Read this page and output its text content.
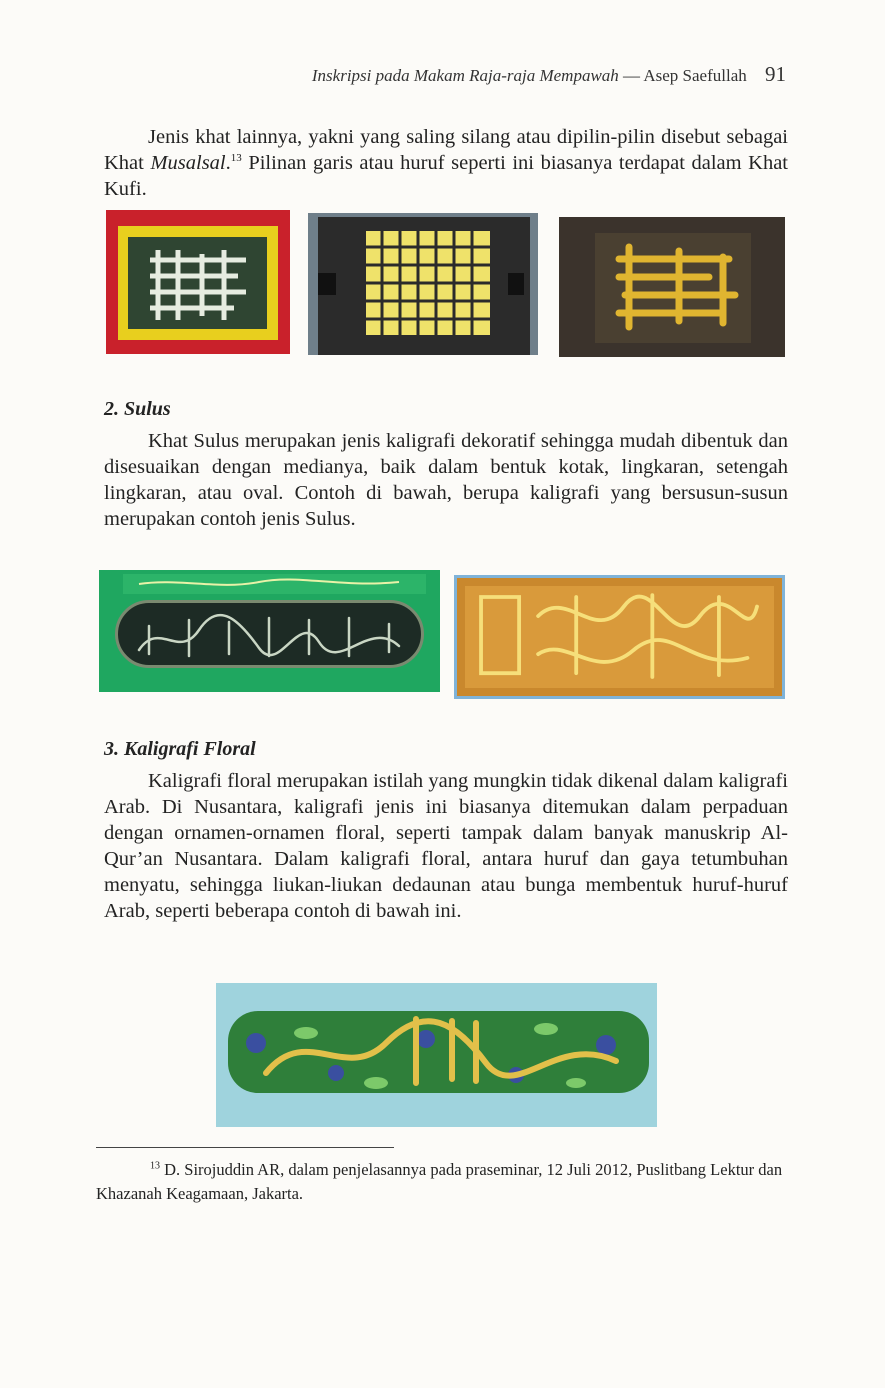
Inskripsi pada Makam Raja-raja Mempawah — Asep Saefullah 91

Jenis khat lainnya, yakni yang saling silang atau dipilin-pilin disebut sebagai Khat Musalsal.$^{13}$ Pilinan garis atau huruf seperti ini biasanya terdapat dalam Khat Kufi.

2. Sulus

Khat Sulus merupakan jenis kaligrafi dekoratif sehingga mudah dibentuk dan disesuaikan dengan medianya, baik dalam bentuk kotak, lingkaran, setengah lingkaran, atau oval. Contoh di bawah, berupa kaligrafi yang bersusun-susun merupakan contoh jenis Sulus.

3. Kaligrafi Floral

Kaligrafi floral merupakan istilah yang mungkin tidak dikenal dalam kaligrafi Arab. Di Nusantara, kaligrafi jenis ini biasanya ditemukan dalam perpaduan dengan ornamen-ornamen floral, seperti tampak dalam banyak manuskrip Al-Qur’an Nusantara. Dalam kaligrafi floral, antara huruf dan gaya tetumbuhan menyatu, sehingga liukan-liukan dedaunan atau bunga membentuk huruf-huruf Arab, seperti beberapa contoh di bawah ini.

$^{13}$ D. Sirojuddin AR, dalam penjelasannya pada praseminar, 12 Juli 2012, Puslitbang Lektur dan Khazanah Keagamaan, Jakarta.
